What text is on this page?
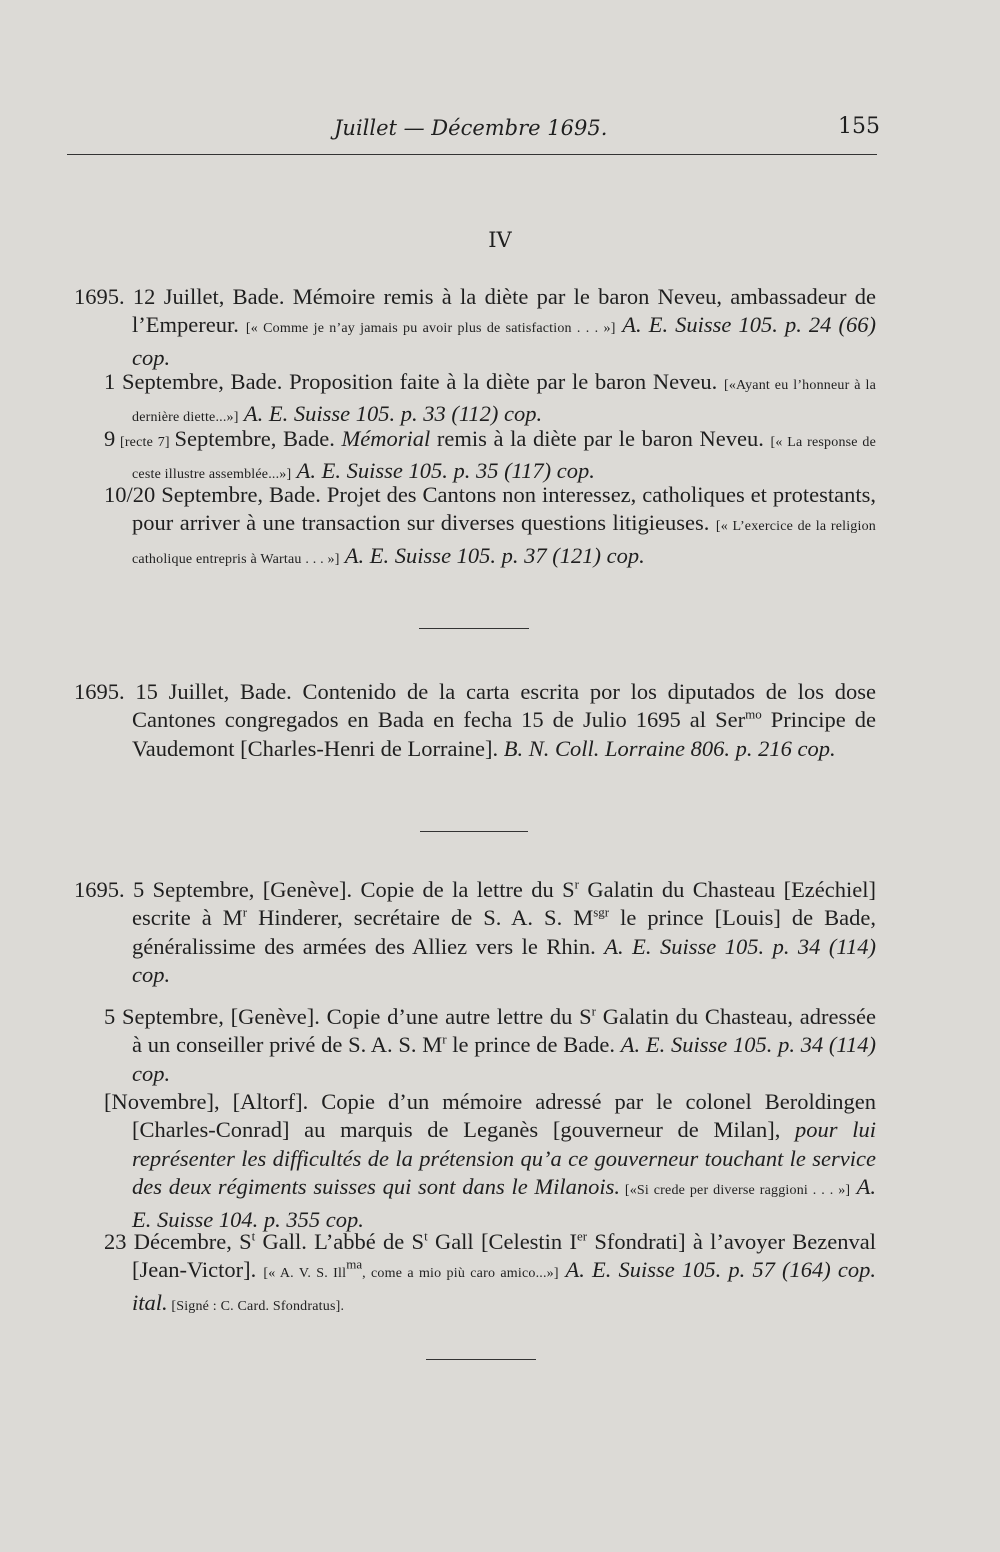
Juillet — Décembre 1695.	155
IV

1695. 12 Juillet, Bade. Mémoire remis à la diète par le baron Neveu, ambassadeur de l’Empereur. [« Comme je n’ay jamais pu avoir plus de satisfaction . . . »] A. E. Suisse 105. p. 24 (66) cop.

1 Septembre, Bade. Proposition faite à la diète par le baron Neveu. [«Ayant eu l’honneur à la dernière diette...»] A. E. Suisse 105. p. 33 (112) cop.

9 [recte 7] Septembre, Bade. Mémorial remis à la diète par le baron Neveu. [« La response de ceste illustre assemblée...»] A. E. Suisse 105. p. 35 (117) cop.

10/20 Septembre, Bade. Projet des Cantons non interessez, catholiques et protestants, pour arriver à une transaction sur diverses questions litigieuses. [« L’exercice de la religion catholique entrepris à Wartau . . . »] A. E. Suisse 105. p. 37 (121) cop.

1695. 15 Juillet, Bade. Contenido de la carta escrita por los diputados de los dose Cantones congregados en Bada en fecha 15 de Julio 1695 al Ser$^{mo}$ Principe de Vaudemont [Charles-Henri de Lorraine]. B. N. Coll. Lorraine 806. p. 216 cop.

1695. 5 Septembre, [Genève]. Copie de la lettre du $S^r$ Galatin du Chasteau [Ezéchiel] escrite à $M^r$ Hinderer, secrétaire de S. A. S. $M^{sgr}$ le prince [Louis] de Bade, généralissime des armées des Alliez vers le Rhin. A. E. Suisse 105. p. 34 (114) cop.

5 Septembre, [Genève]. Copie d’une autre lettre du $S^r$ Galatin du Chasteau, adressée à un conseiller privé de S. A. S. $M^r$ le prince de Bade. A. E. Suisse 105. p. 34 (114) cop.

[Novembre], [Altorf]. Copie d’un mémoire adressé par le colonel Beroldingen [Charles-Conrad] au marquis de Leganès [gouverneur de Milan], pour lui représenter les difficultés de la prétension qu’a ce gouverneur touchant le service des deux régiments suisses qui sont dans le Milanois. [«Si crede per diverse raggioni . . . »] A. E. Suisse 104. p. 355 cop.

23 Décembre, $S^t$ Gall. L’abbé de $S^t$ Gall [Celestin Ier Sfondrati] à l’avoyer Bezenval [Jean-Victor]. [« A. V. S. Ill$^{ma}$, come a mio più caro amico...»] A. E. Suisse 105. p. 57 (164) cop. ital. [Signé : C. Card. Sfondratus].
